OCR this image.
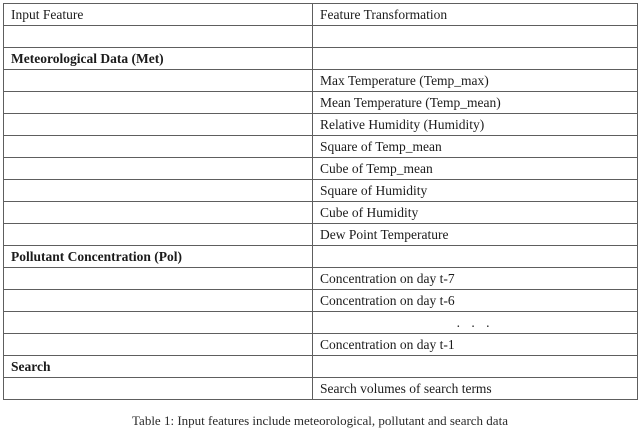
Input Feature	Feature Transformation

Meteorological Data (Met)	
	Max Temperature (Temp_max)
	Mean Temperature (Temp_mean)
	Relative Humidity (Humidity)
	Square of Temp_mean
	Cube of Temp_mean
	Square of Humidity
	Cube of Humidity
	Dew Point Temperature
Pollutant Concentration (Pol)	
	Concentration on day t-7
	Concentration on day t-6
	. . .
	Concentration on day t-1
Search	
	Search volumes of search terms
Table 1: Input features include meteorological, pollutant and search data
